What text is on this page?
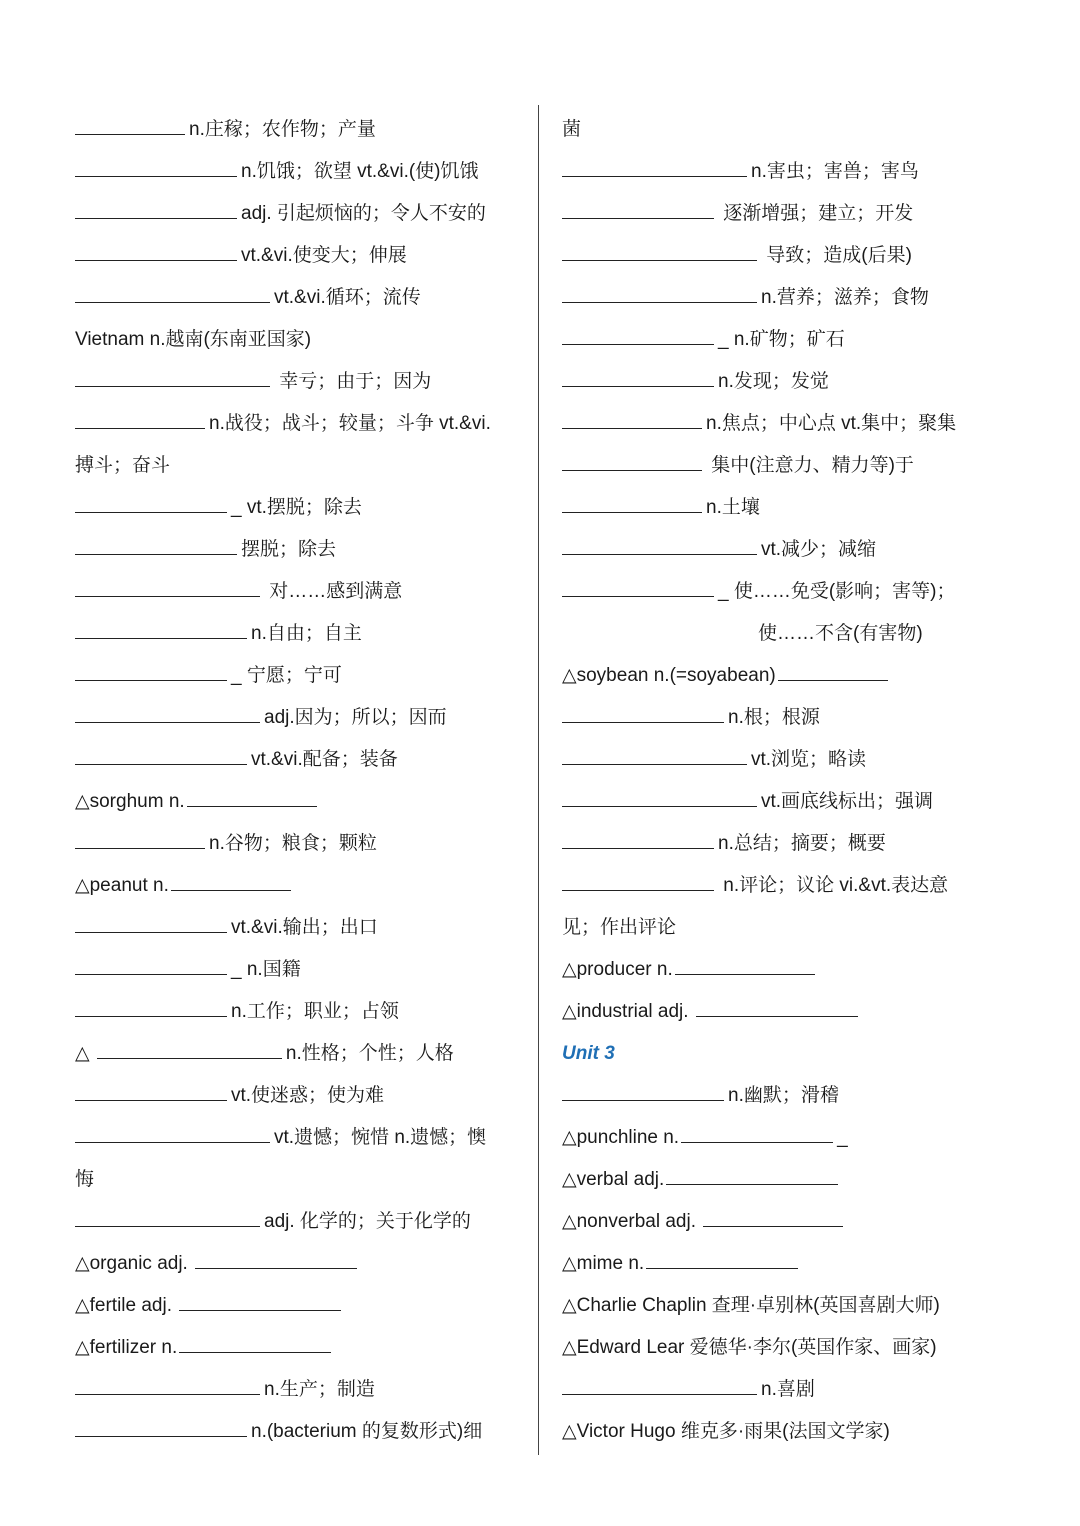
n.庄稼；农作物；产量
n.饥饿；欲望 vt.&vi.(使)饥饿
adj. 引起烦恼的；令人不安的
vt.&vi.使变大；伸展
vt.&vi.循环；流传
Vietnam n.越南(东南亚国家)
幸亏；由于；因为
n.战役；战斗；较量；斗争 vt.&vi.
搏斗；奋斗
_ vt.摆脱；除去
摆脱；除去
对……感到满意
n.自由；自主
_ 宁愿；宁可
adj.因为；所以；因而
vt.&vi.配备；装备
△sorghum n.
n.谷物；粮食；颗粒
△peanut n.
vt.&vi.输出；出口
_ n.国籍
n.工作；职业；占领
△	n.性格；个性；人格
vt.使迷惑；使为难
vt.遗憾；惋惜 n.遗憾；懊
悔
adj. 化学的；关于化学的
△organic adj.
△fertile adj.
△fertilizer n.
n.生产；制造
n.(bacterium 的复数形式)细
菌
n.害虫；害兽；害鸟
逐渐增强；建立；开发
导致；造成(后果)
n.营养；滋养；食物
_ n.矿物；矿石
n.发现；发觉
n.焦点；中心点 vt.集中；聚集
集中(注意力、精力等)于
n.土壤
vt.减少；减缩
_ 使……免受(影响；害等)；
使……不含(有害物)
△soybean n.(=soyabean)
n.根；根源
vt.浏览；略读
vt.画底线标出；强调
n.总结；摘要；概要
n.评论；议论 vi.&vt.表达意
见；作出评论
△producer n.
△industrial adj.
Unit 3
n.幽默；滑稽
△punchline n.	_
△verbal adj.
△nonverbal adj.
△mime n.
△Charlie Chaplin 查理·卓别林(英国喜剧大师)
△Edward Lear 爱德华·李尔(英国作家、画家)
n.喜剧
△Victor Hugo 维克多·雨果(法国文学家)
